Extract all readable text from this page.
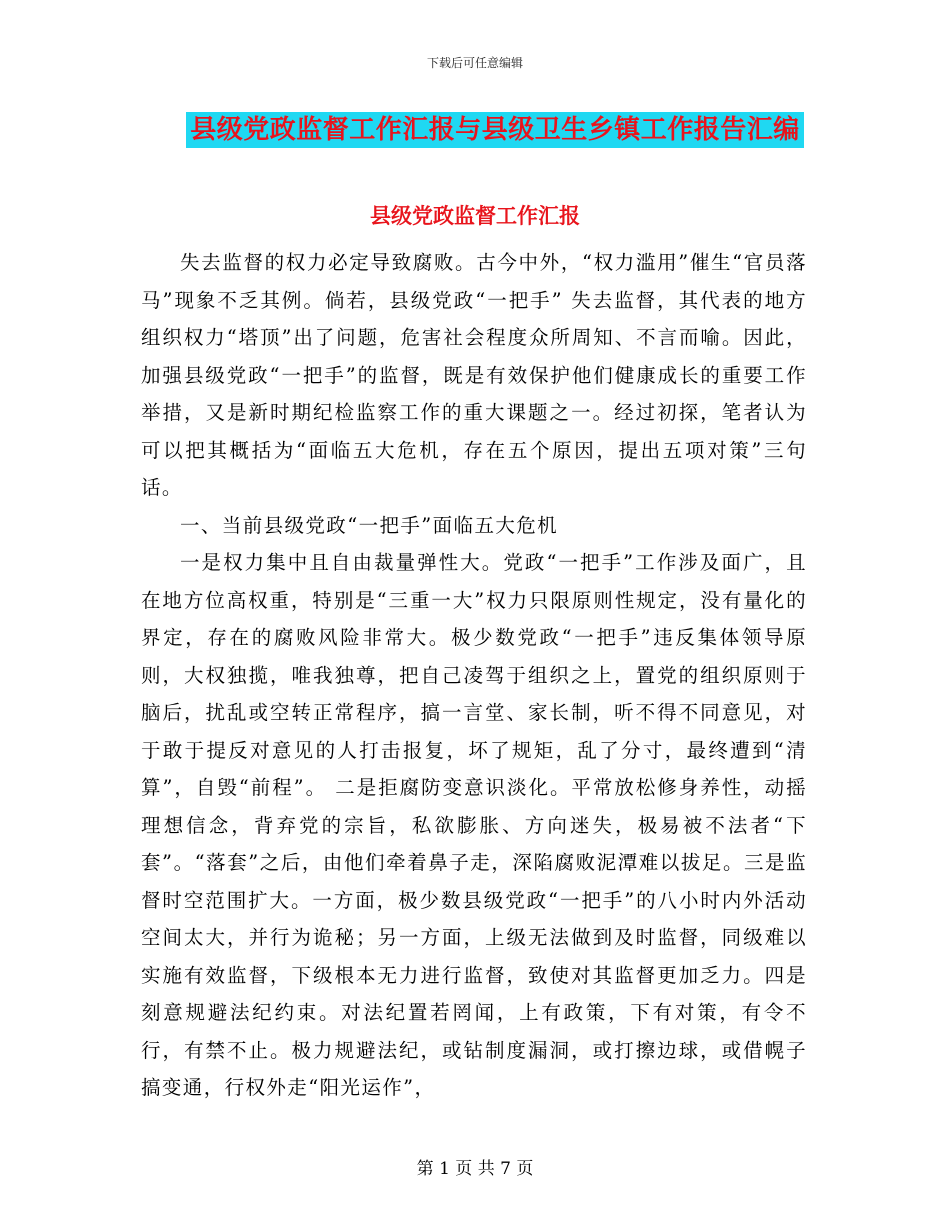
下载后可任意编辑
县级党政监督工作汇报与县级卫生乡镇工作报告汇编
县级党政监督工作汇报

失去监督的权力必定导致腐败。古今中外，“权力滥用”催生“官员落马”现象不乏其例。倘若，县级党政“一把手” 失去监督，其代表的地方组织权力“塔顶”出了问题，危害社会程度众所周知、不言而喻。因此，加强县级党政“一把手”的监督，既是有效保护他们健康成长的重要工作举措，又是新时期纪检监察工作的重大课题之一。经过初探，笔者认为可以把其概括为“面临五大危机，存在五个原因，提出五项对策”三句话。

一、当前县级党政“一把手”面临五大危机

一是权力集中且自由裁量弹性大。党政“一把手”工作涉及面广，且在地方位高权重，特别是“三重一大”权力只限原则性规定，没有量化的界定，存在的腐败风险非常大。极少数党政“一把手”违反集体领导原则，大权独揽，唯我独尊，把自己凌驾于组织之上，置党的组织原则于脑后，扰乱或空转正常程序，搞一言堂、家长制，听不得不同意见，对于敢于提反对意见的人打击报复，坏了规矩，乱了分寸，最终遭到“清算”，自毁“前程”。 二是拒腐防变意识淡化。平常放松修身养性，动摇理想信念，背弃党的宗旨，私欲膨胀、方向迷失，极易被不法者“下套”。“落套”之后，由他们牵着鼻子走，深陷腐败泥潭难以拔足。三是监督时空范围扩大。一方面，极少数县级党政“一把手”的八小时内外活动空间太大，并行为诡秘；另一方面，上级无法做到及时监督，同级难以实施有效监督，下级根本无力进行监督，致使对其监督更加乏力。四是刻意规避法纪约束。对法纪置若罔闻，上有政策，下有对策，有令不行，有禁不止。极力规避法纪，或钻制度漏洞，或打擦边球，或借幌子搞变通，行权外走“阳光运作”，

第 1 页 共 7 页
